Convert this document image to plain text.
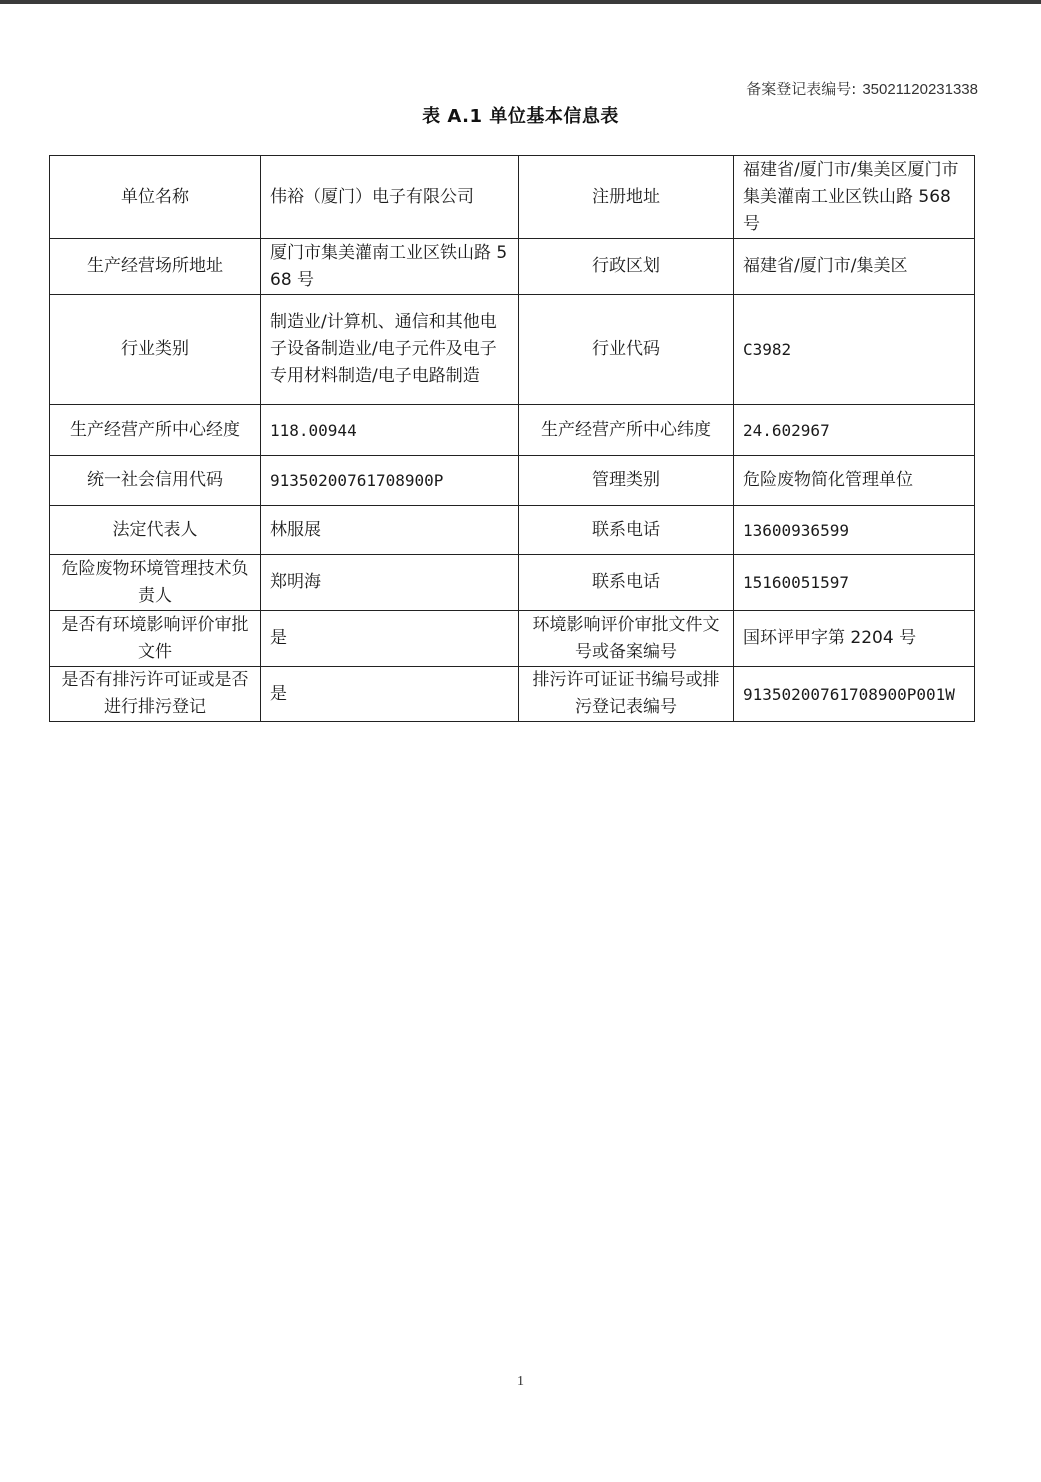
备案登记表编号: 35021120231338
表 A.1 单位基本信息表
单位名称	伟裕（厦门）电子有限公司	注册地址	福建省/厦门市/集美区厦门市集美灌南工业区铁山路 568 号
生产经营场所地址	厦门市集美灌南工业区铁山路 568 号	行政区划	福建省/厦门市/集美区
行业类别	制造业/计算机、通信和其他电子设备制造业/电子元件及电子专用材料制造/电子电路制造	行业代码	C3982
生产经营产所中心经度	118.00944	生产经营产所中心纬度	24.602967
统一社会信用代码	91350200761708900P	管理类别	危险废物简化管理单位
法定代表人	林服展	联系电话	13600936599
危险废物环境管理技术负责人	郑明海	联系电话	15160051597
是否有环境影响评价审批文件	是	环境影响评价审批文件文号或备案编号	国环评甲字第 2204 号
是否有排污许可证或是否进行排污登记	是	排污许可证证书编号或排污登记表编号	91350200761708900P001W
1
